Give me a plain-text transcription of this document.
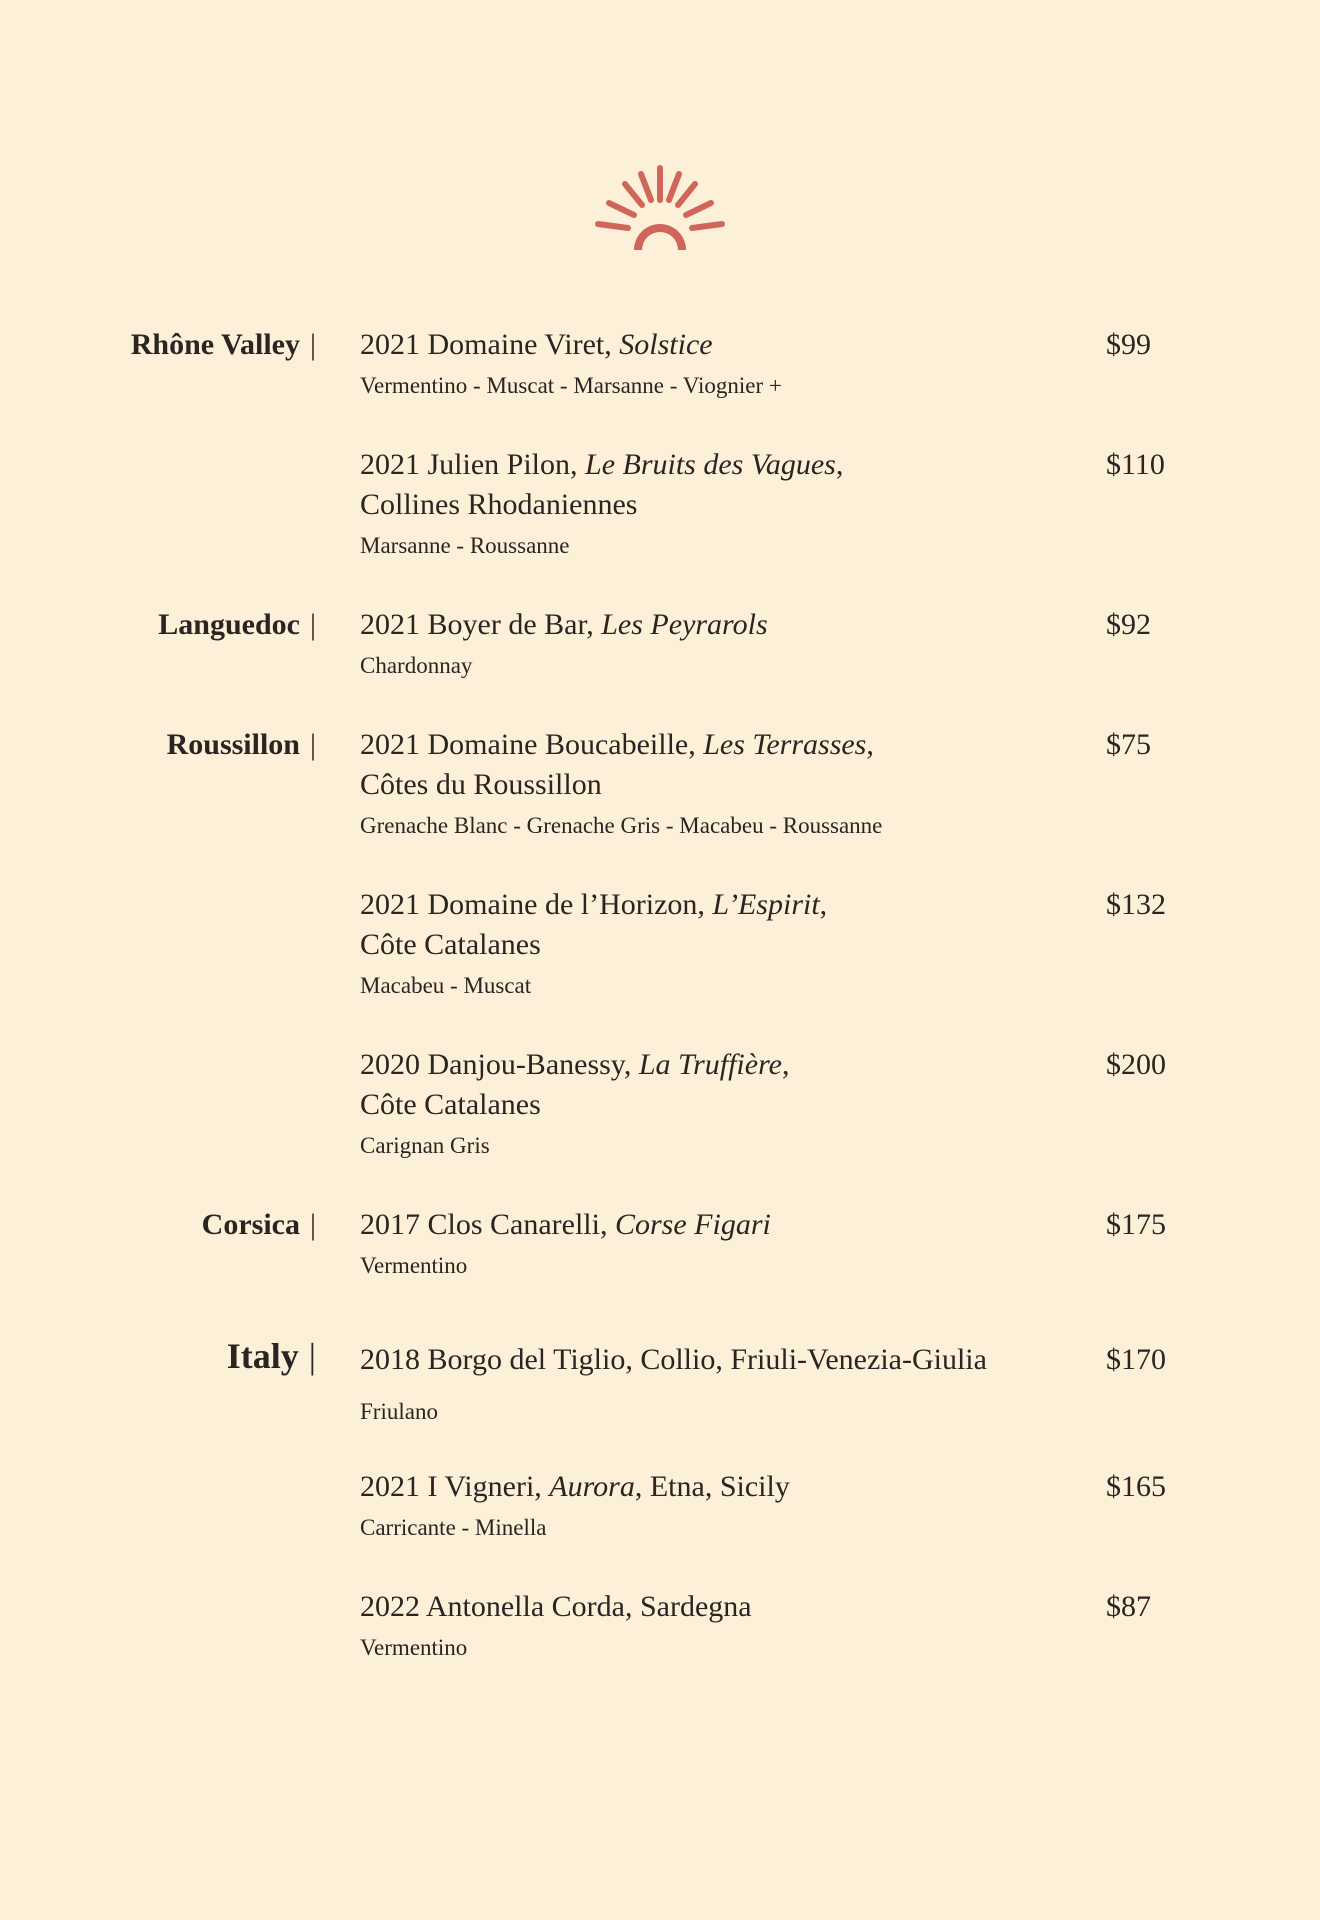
Rhône Valley | 2021 Domaine Viret, Solstice
Vermentino - Muscat - Marsanne - Viognier +
$99
2021 Julien Pilon, Le Bruits des Vagues,
Collines Rhodaniennes
Marsanne - Roussanne
$110
Languedoc | 2021 Boyer de Bar, Les Peyrarols
Chardonnay
$92
Roussillon | 2021 Domaine Boucabeille, Les Terrasses,
Côtes du Roussillon
Grenache Blanc - Grenache Gris - Macabeu - Roussanne
$75
2021 Domaine de l’Horizon, L’Espirit,
Côte Catalanes
Macabeu - Muscat
$132
2020 Danjou-Banessy, La Truffière,
Côte Catalanes
Carignan Gris
$200
Corsica | 2017 Clos Canarelli, Corse Figari
Vermentino
$175
Italy | 2018 Borgo del Tiglio, Collio, Friuli-Venezia-Giulia
Friulano
$170
2021 I Vigneri, Aurora, Etna, Sicily
Carricante - Minella
$165
2022 Antonella Corda, Sardegna
Vermentino
$87
